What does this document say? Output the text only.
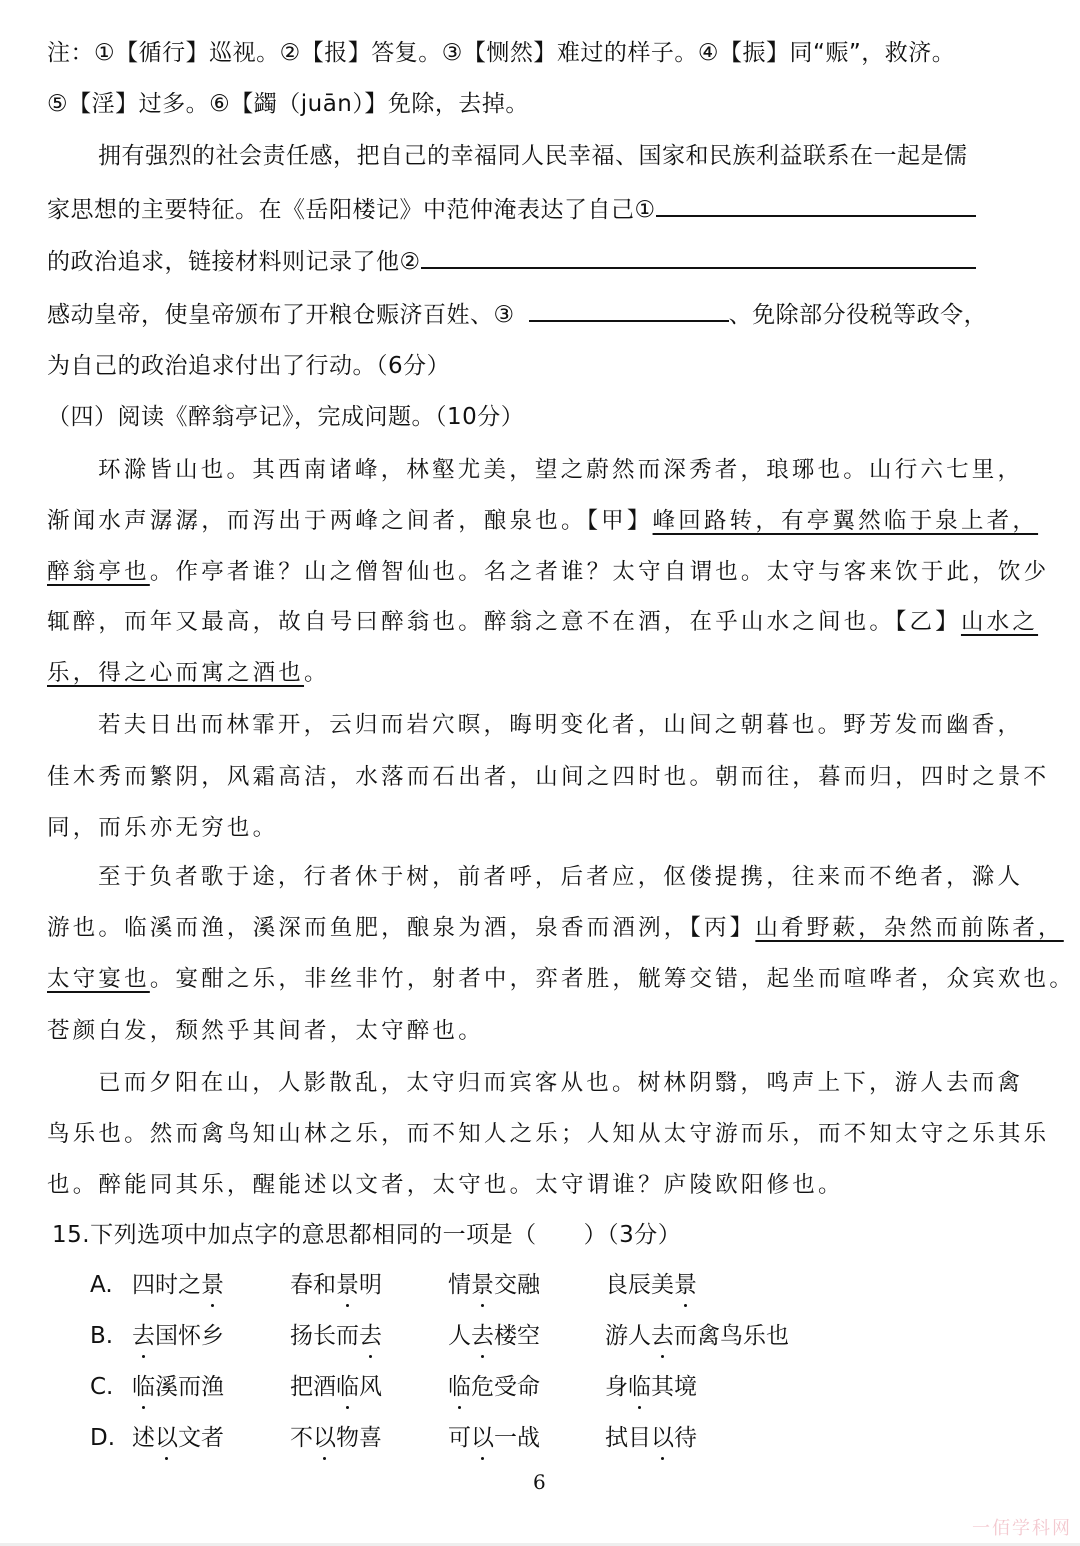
注：①【循行】巡视。②【报】答复。③【恻然】难过的样子。④【振】同“赈”，救济。
⑤【淫】过多。⑥【蠲（juān）】免除，去掉。
拥有强烈的社会责任感，把自己的幸福同人民幸福、国家和民族利益联系在一起是儒
家思想的主要特征。在《岳阳楼记》中范仲淹表达了自己①
的政治追求，链接材料则记录了他②
感动皇帝，使皇帝颁布了开粮仓赈济百姓、③	、免除部分役税等政令，
为自己的政治追求付出了行动。（6分）
（四）阅读《醉翁亭记》，完成问题。（10分）
环滁皆山也。其西南诸峰，林壑尤美，望之蔚然而深秀者，琅琊也。山行六七里，
渐闻水声潺潺，而泻出于两峰之间者，酿泉也。【甲】峰回路转，有亭翼然临于泉上者，
醉翁亭也。作亭者谁？山之僧智仙也。名之者谁？太守自谓也。太守与客来饮于此，饮少
辄醉，而年又最高，故自号曰醉翁也。醉翁之意不在酒，在乎山水之间也。【乙】山水之
乐，得之心而寓之酒也。
若夫日出而林霏开，云归而岩穴暝，晦明变化者，山间之朝暮也。野芳发而幽香，
佳木秀而繁阴，风霜高洁，水落而石出者，山间之四时也。朝而往，暮而归，四时之景不
同，而乐亦无穷也。
至于负者歌于途，行者休于树，前者呼，后者应，伛偻提携，往来而不绝者，滁人
游也。临溪而渔，溪深而鱼肥，酿泉为酒，泉香而酒洌，【丙】山肴野蔌，杂然而前陈者，
太守宴也。宴酣之乐，非丝非竹，射者中，弈者胜，觥筹交错，起坐而喧哗者，众宾欢也。
苍颜白发，颓然乎其间者，太守醉也。
已而夕阳在山，人影散乱，太守归而宾客从也。树林阴翳，鸣声上下，游人去而禽
鸟乐也。然而禽鸟知山林之乐，而不知人之乐；人知从太守游而乐，而不知太守之乐其乐
也。醉能同其乐，醒能述以文者，太守也。太守谓谁？庐陵欧阳修也。
15.下列选项中加点字的意思都相同的一项是（　　）（3分）
A. 四时之景	春和景明	情景交融	良辰美景
B. 去国怀乡	扬长而去	人去楼空	游人去而禽鸟乐也
C. 临溪而渔	把酒临风	临危受命	身临其境
D. 述以文者	不以物喜	可以一战	拭目以待
6
一佰学科网
